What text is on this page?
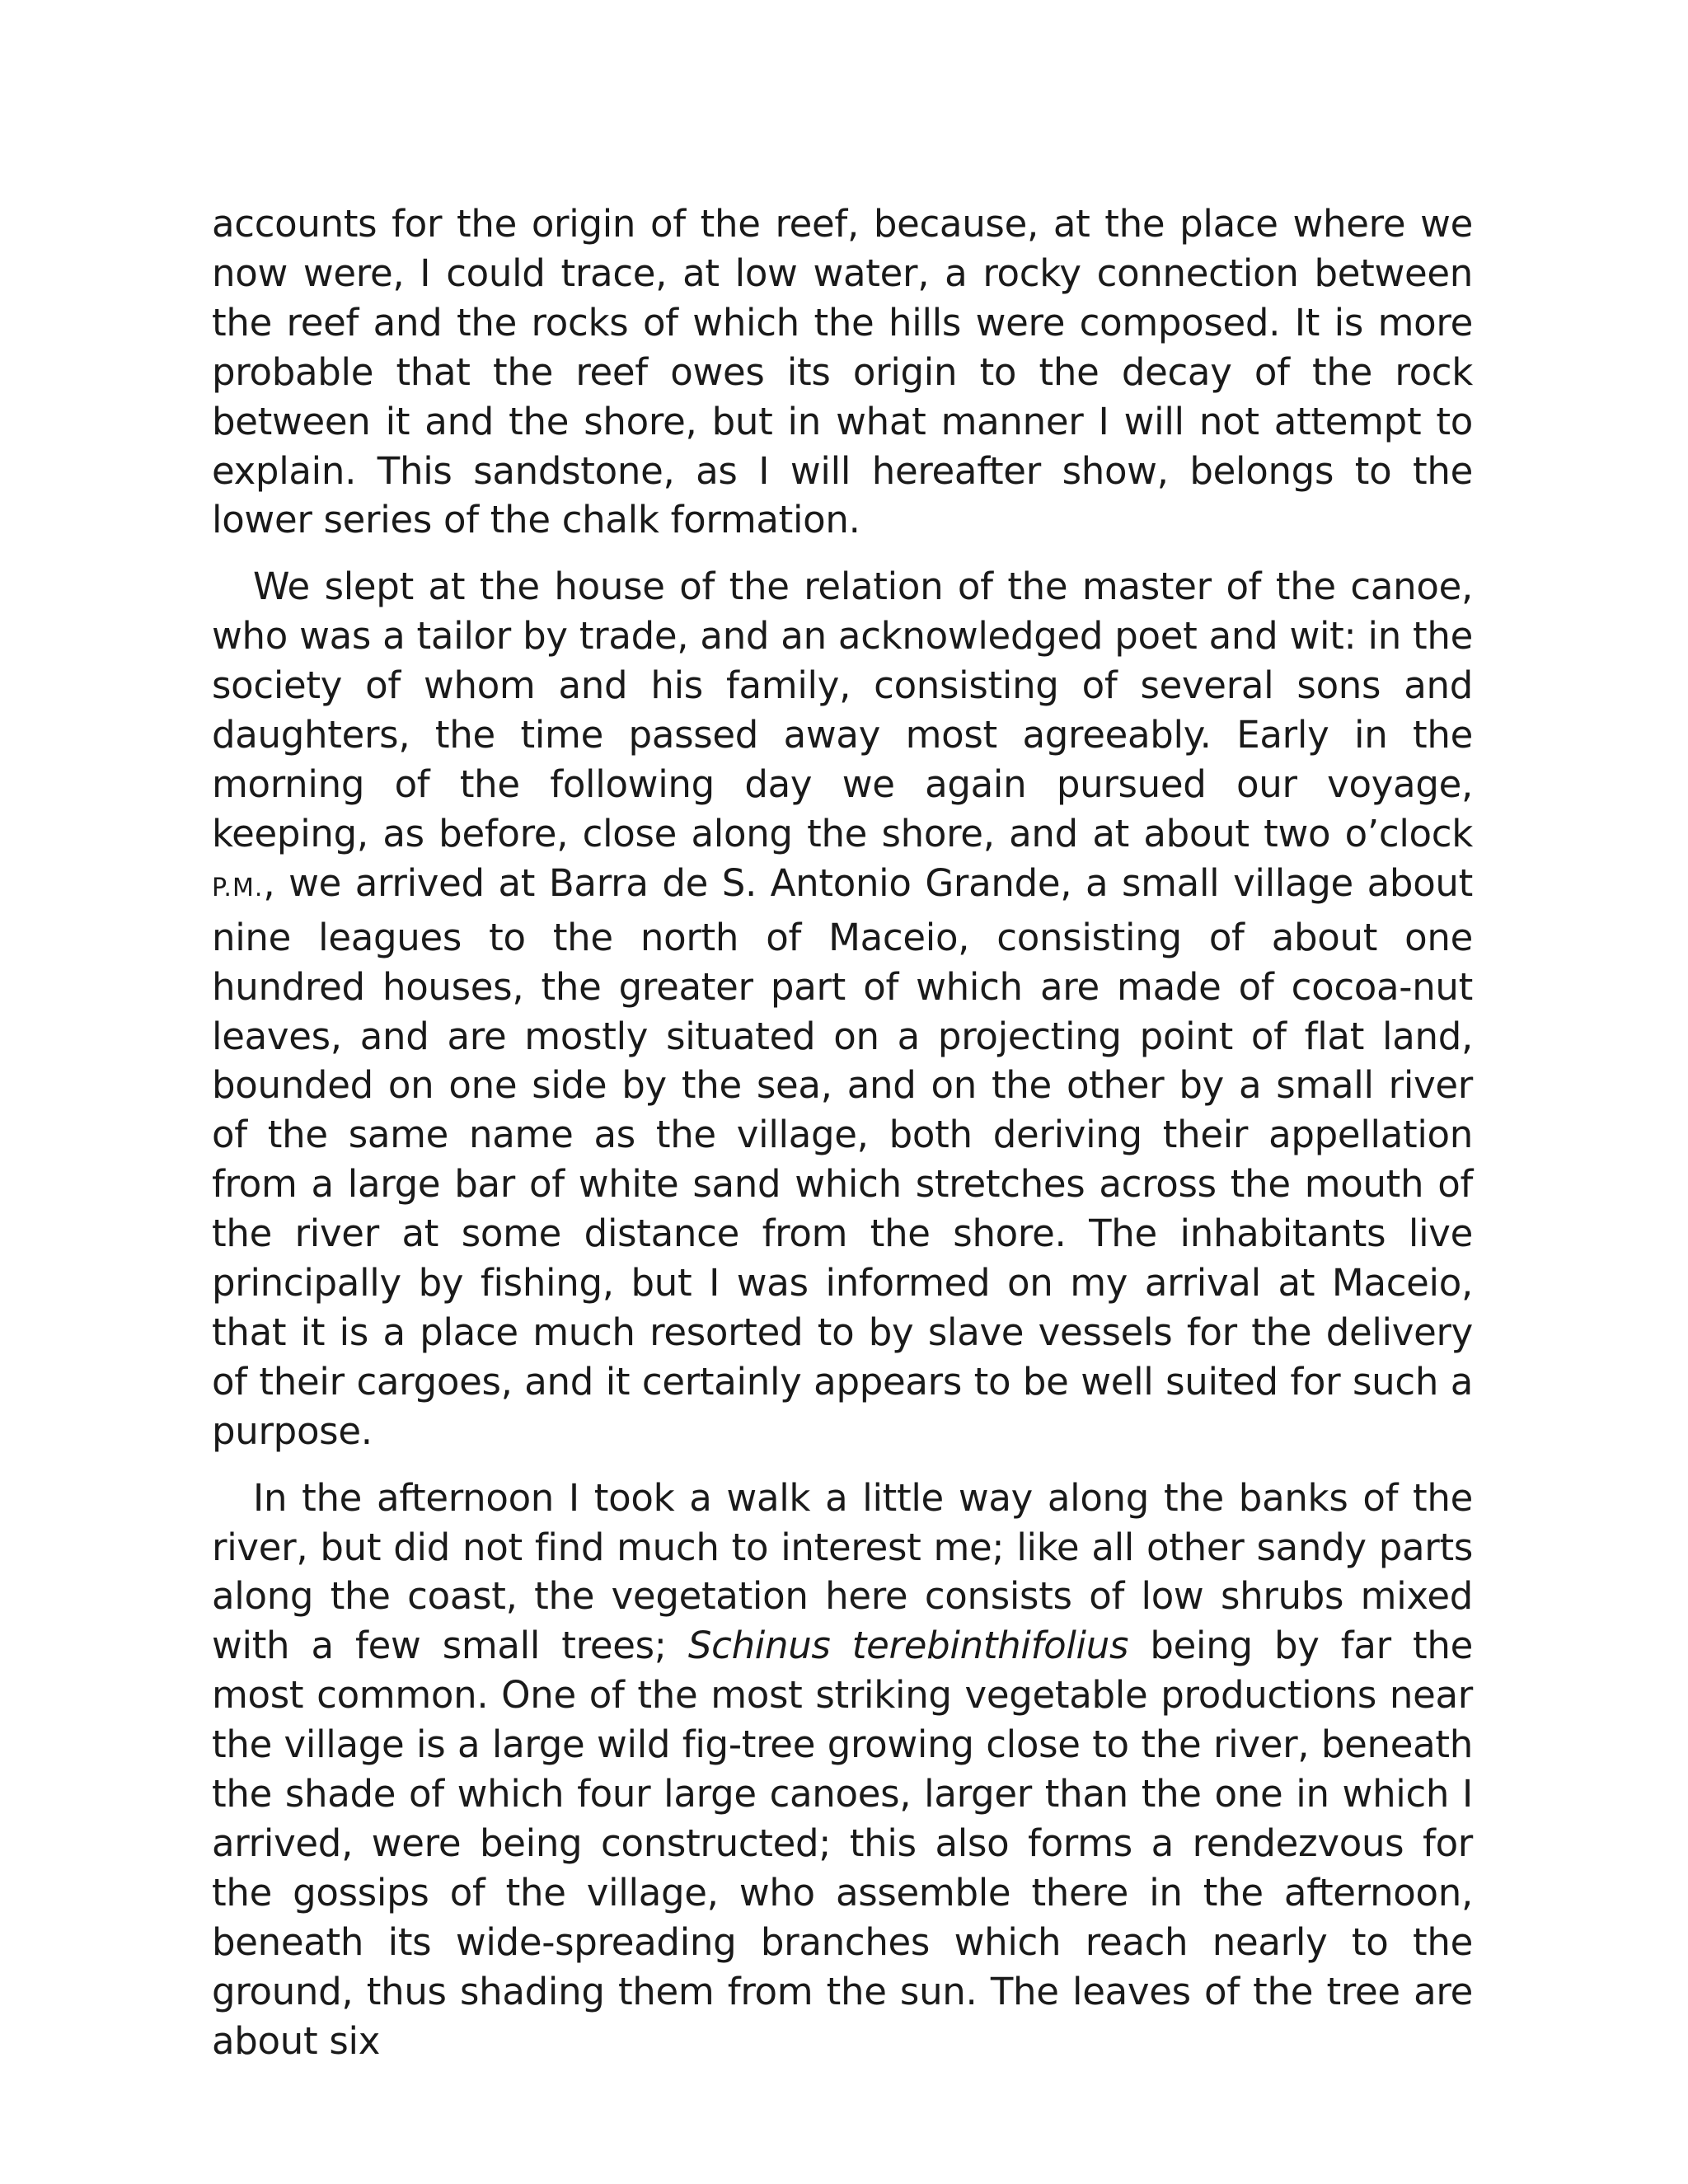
accounts for the origin of the reef, because, at the place where we now were, I could trace, at low water, a rocky connection between the reef and the rocks of which the hills were composed. It is more probable that the reef owes its origin to the decay of the rock between it and the shore, but in what manner I will not attempt to explain. This sandstone, as I will hereafter show, belongs to the lower series of the chalk formation.

We slept at the house of the relation of the master of the canoe, who was a tailor by trade, and an acknowledged poet and wit: in the society of whom and his family, consisting of several sons and daughters, the time passed away most agreeably. Early in the morning of the following day we again pursued our voyage, keeping, as before, close along the shore, and at about two o’clock P.M., we arrived at Barra de S. Antonio Grande, a small village about nine leagues to the north of Maceio, consisting of about one hundred houses, the greater part of which are made of cocoa-nut leaves, and are mostly situated on a projecting point of flat land, bounded on one side by the sea, and on the other by a small river of the same name as the village, both deriving their appellation from a large bar of white sand which stretches across the mouth of the river at some distance from the shore. The inhabitants live principally by fishing, but I was informed on my arrival at Maceio, that it is a place much resorted to by slave vessels for the delivery of their cargoes, and it certainly appears to be well suited for such a purpose.

In the afternoon I took a walk a little way along the banks of the river, but did not find much to interest me; like all other sandy parts along the coast, the vegetation here consists of low shrubs mixed with a few small trees; Schinus terebinthifolius being by far the most common. One of the most striking vegetable productions near the village is a large wild fig-tree growing close to the river, beneath the shade of which four large canoes, larger than the one in which I arrived, were being constructed; this also forms a rendezvous for the gossips of the village, who assemble there in the afternoon, beneath its wide-spreading branches which reach nearly to the ground, thus shading them from the sun. The leaves of the tree are about six
